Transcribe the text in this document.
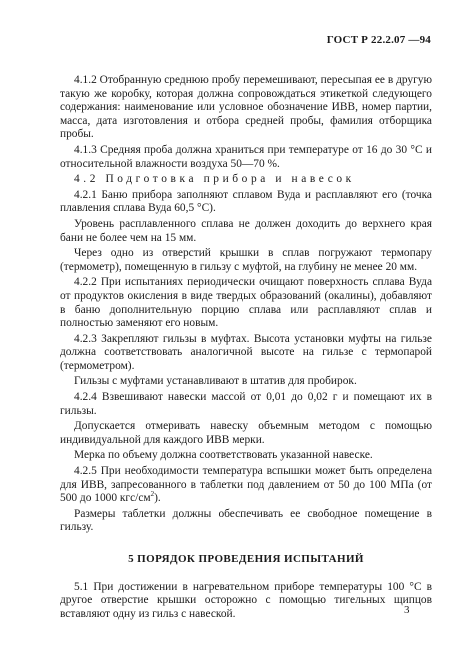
ГОСТ Р 22.2.07 —94

4.1.2 Отобранную среднюю пробу перемешивают, пересыпая ее в другую такую же коробку, которая должна сопровождаться этикеткой следующего содержания: наименование или условное обозначение ИВВ, номер партии, масса, дата изготовления и отбора средней пробы, фамилия отборщика пробы.

4.1.3 Средняя проба должна храниться при температуре от 16 до 30 °С и относительной влажности воздуха 50—70 %.

4.2 Подготовка прибора и навесок

4.2.1 Баню прибора заполняют сплавом Вуда и расплавляют его (точка плавления сплава Вуда 60,5 °С).

Уровень расплавленного сплава не должен доходить до верхнего края бани не более чем на 15 мм.

Через одно из отверстий крышки в сплав погружают термопару (термометр), помещенную в гильзу с муфтой, на глубину не менее 20 мм.

4.2.2 При испытаниях периодически очищают поверхность сплава Вуда от продуктов окисления в виде твердых образований (окалины), добавляют в баню дополнительную порцию сплава или расплавляют сплав и полностью заменяют его новым.

4.2.3 Закрепляют гильзы в муфтах. Высота установки муфты на гильзе должна соответствовать аналогичной высоте на гильзе с термопарой (термометром).

Гильзы с муфтами устанавливают в штатив для пробирок.

4.2.4 Взвешивают навески массой от 0,01 до 0,02 г и помещают их в гильзы.

Допускается отмеривать навеску объемным методом с помощью индивидуальной для каждого ИВВ мерки.

Мерка по объему должна соответствовать указанной навеске.

4.2.5 При необходимости температура вспышки может быть определена для ИВВ, запресованного в таблетки под давлением от 50 до 100 МПа (от 500 до 1000 кгс/$см^2$).

Размеры таблетки должны обеспечивать ее свободное помещение в гильзу.

5 ПОРЯДОК ПРОВЕДЕНИЯ ИСПЫТАНИЙ

5.1 При достижении в нагревательном приборе температуры 100 °С в другое отверстие крышки осторожно с помощью тигельных щипцов вставляют одну из гильз с навеской.	3
